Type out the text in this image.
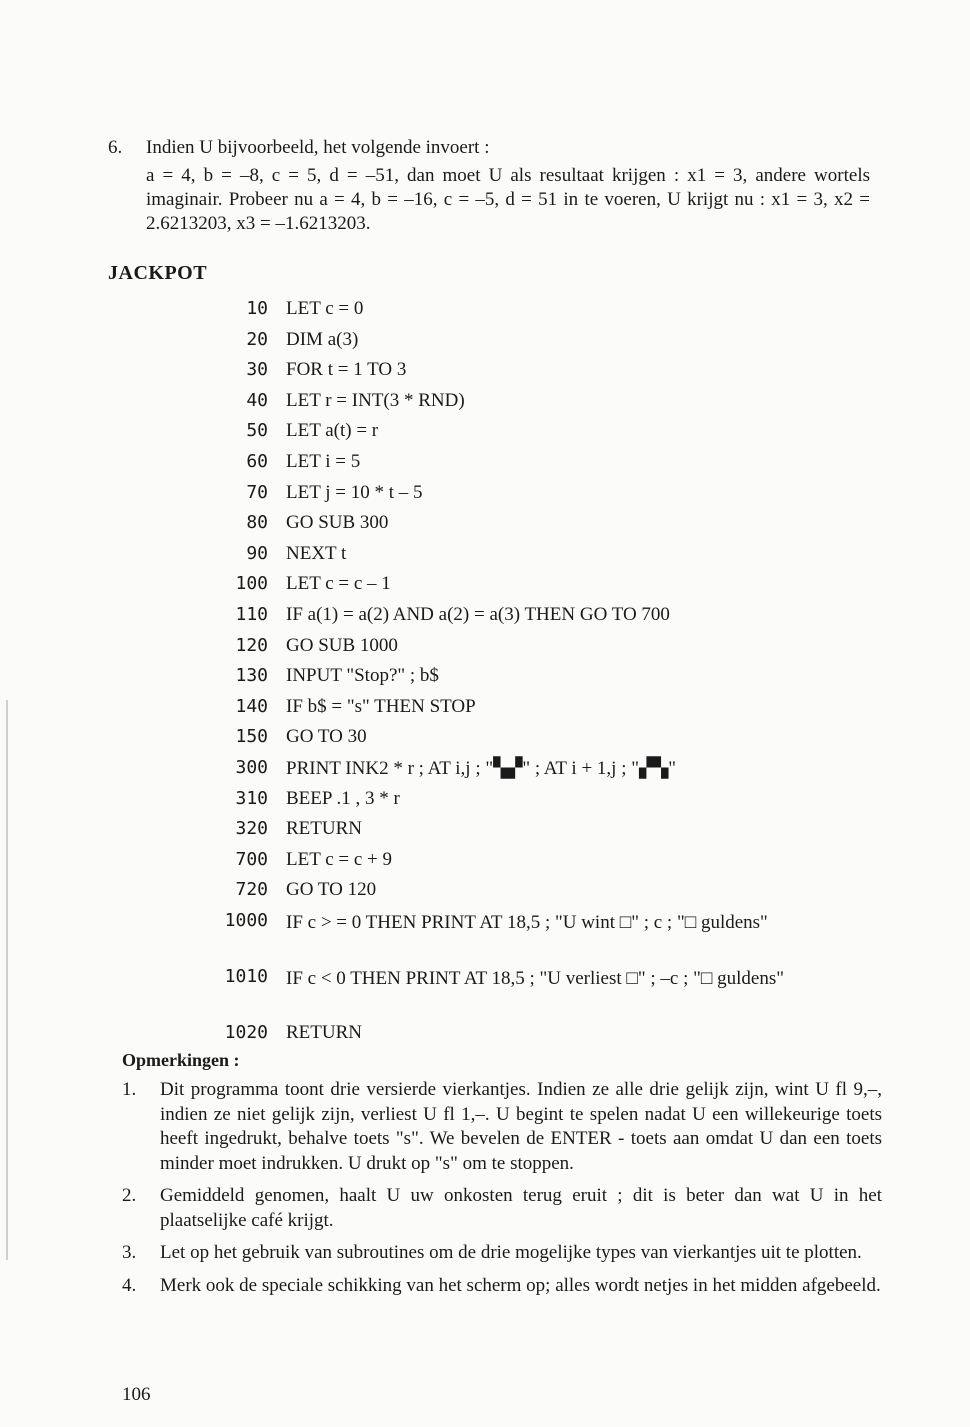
6. Indien U bijvoorbeeld, het volgende invoert :
a = 4, b = –8, c = 5, d = –51, dan moet U als resultaat krijgen : x1 = 3, andere wortels imaginair. Probeer nu a = 4, b = –16, c = –5, d = 51 in te voeren, U krijgt nu : x1 = 3, x2 = 2.6213203, x3 = –1.6213203.
JACKPOT
10 LET c = 0
20 DIM a(3)
30 FOR t = 1 TO 3
40 LET r = INT(3 * RND)
50 LET a(t) = r
60 LET i = 5
70 LET j = 10 * t – 5
80 GO SUB 300
90 NEXT t
100 LET c = c – 1
110 IF a(1) = a(2) AND a(2) = a(3) THEN GO TO 700
120 GO SUB 1000
130 INPUT "Stop?" ; b$
140 IF b$ = "s" THEN STOP
150 GO TO 30
300 PRINT INK2 * r ; AT i,j ; "▚▞" ; AT i + 1,j ; "▞▚"
310 BEEP .1 , 3 * r
320 RETURN
700 LET c = c + 9
720 GO TO 120
1000 IF c > = 0 THEN PRINT AT 18,5 ; "U wint □" ; c ; "□ guldens"
1010 IF c < 0 THEN PRINT AT 18,5 ; "U verliest □" ; –c ; "□ guldens"
1020 RETURN
Opmerkingen :
1. Dit programma toont drie versierde vierkantjes. Indien ze alle drie gelijk zijn, wint U fl 9,–, indien ze niet gelijk zijn, verliest U fl 1,–. U begint te spelen nadat U een willekeurige toets heeft ingedrukt, behalve toets "s". We bevelen de ENTER - toets aan omdat U dan een toets minder moet indrukken. U drukt op "s" om te stoppen.
2. Gemiddeld genomen, haalt U uw onkosten terug eruit ; dit is beter dan wat U in het plaatselijke café krijgt.
3. Let op het gebruik van subroutines om de drie mogelijke types van vierkantjes uit te plotten.
4. Merk ook de speciale schikking van het scherm op; alles wordt netjes in het midden afgebeeld.
106
